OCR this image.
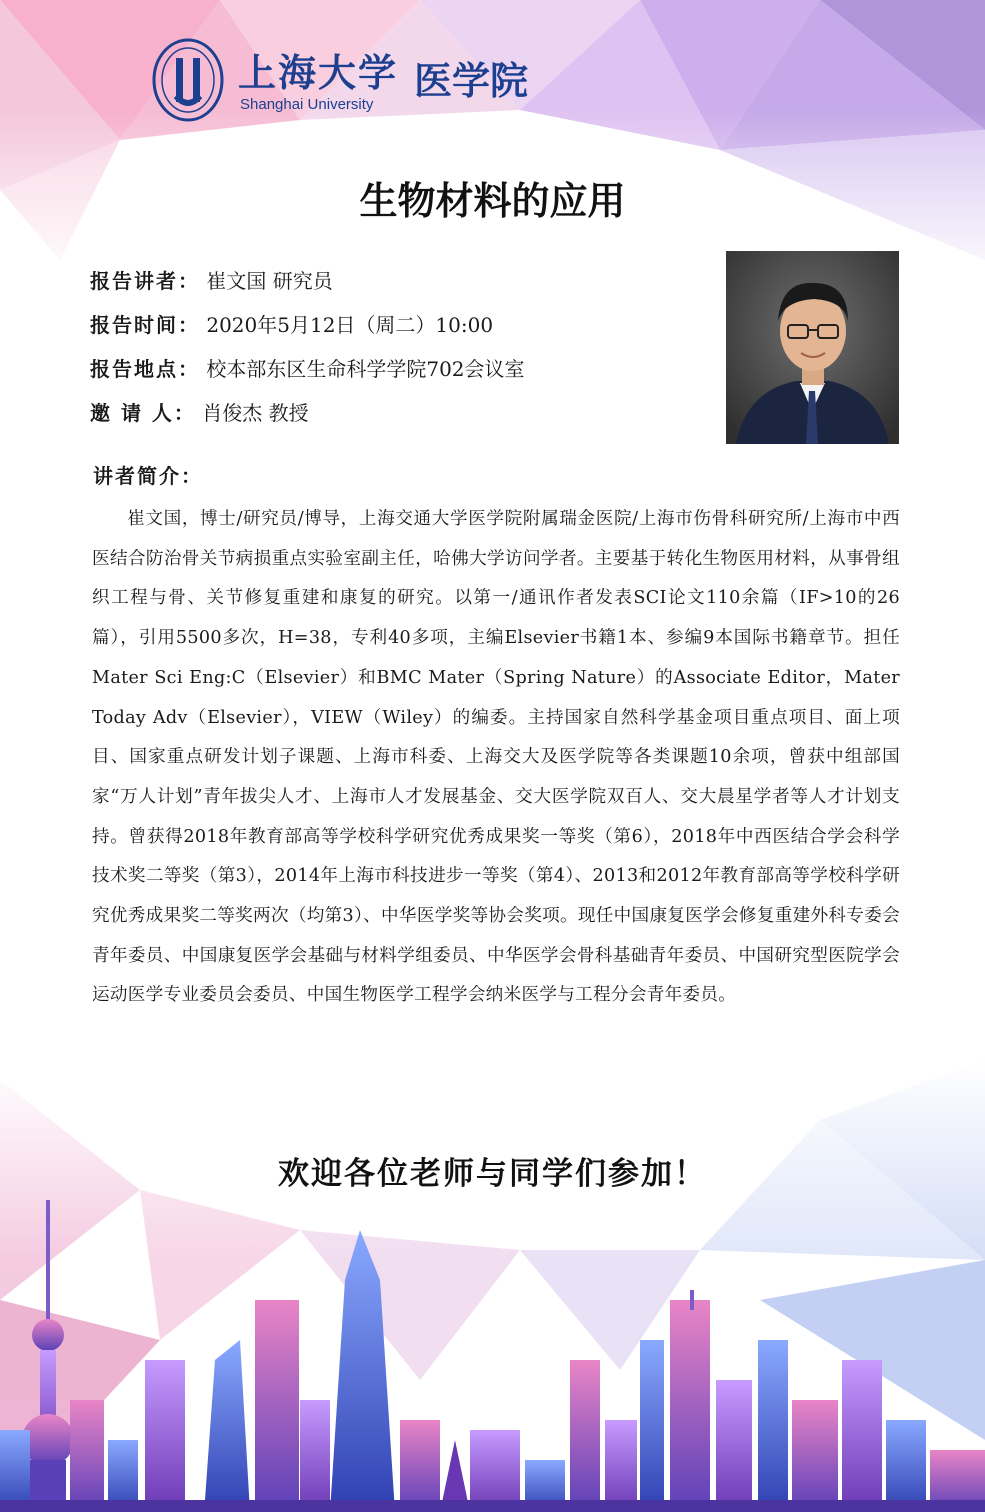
上海大学
Shanghai University
医学院
生物材料的应用
报告讲者： 崔文国 研究员
报告时间： 2020年5月12日（周二）10:00
报告地点： 校本部东区生命科学学院702会议室
邀 请 人： 肖俊杰 教授
讲者简介：
崔文国，博士/研究员/博导，上海交通大学医学院附属瑞金医院/上海市伤骨科研究所/上海市中西医结合防治骨关节病损重点实验室副主任，哈佛大学访问学者。主要基于转化生物医用材料，从事骨组织工程与骨、关节修复重建和康复的研究。以第一/通讯作者发表SCI论文110余篇（IF>10的26篇），引用5500多次，H=38，专利40多项，主编Elsevier书籍1本、参编9本国际书籍章节。担任Mater Sci Eng:C（Elsevier）和BMC Mater（Spring Nature）的Associate Editor，Mater Today Adv（Elsevier），VIEW（Wiley）的编委。主持国家自然科学基金项目重点项目、面上项目、国家重点研发计划子课题、上海市科委、上海交大及医学院等各类课题10余项，曾获中组部国家“万人计划”青年拔尖人才、上海市人才发展基金、交大医学院双百人、交大晨星学者等人才计划支持。曾获得2018年教育部高等学校科学研究优秀成果奖一等奖（第6），2018年中西医结合学会科学技术奖二等奖（第3），2014年上海市科技进步一等奖（第4）、2013和2012年教育部高等学校科学研究优秀成果奖二等奖两次（均第3）、中华医学奖等协会奖项。现任中国康复医学会修复重建外科专委会青年委员、中国康复医学会基础与材料学组委员、中华医学会骨科基础青年委员、中国研究型医院学会运动医学专业委员会委员、中国生物医学工程学会纳米医学与工程分会青年委员。
欢迎各位老师与同学们参加！
